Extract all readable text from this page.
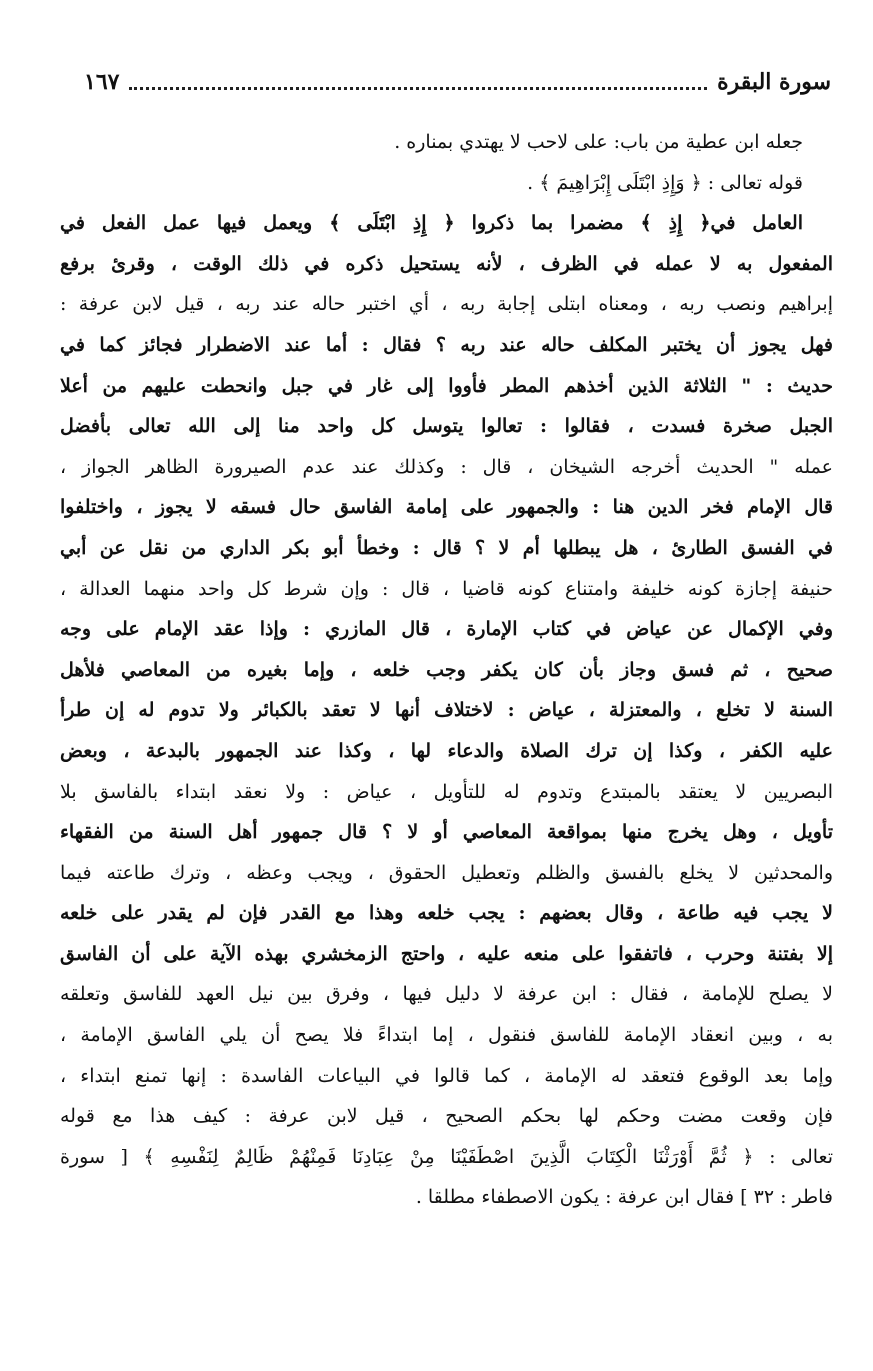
سورة البقرة
١٦٧
جعله ابن عطية من باب: على لاحب لا يهتدي بمناره .
قوله تعالى : ﴿ وَإِذِ ابْتَلَى إِبْرَاهِيمَ ﴾ .
العامل في﴿ إِذِ ﴾ مضمرا بما ذكروا ﴿ إِذِ ابْتَلَى ﴾ ويعمل فيها عمل الفعل في
المفعول به لا عمله في الظرف ، لأنه يستحيل ذكره في ذلك الوقت ، وقرئ برفع
إبراهيم ونصب ربه ، ومعناه ابتلى إجابة ربه ، أي اختبر حاله عند ربه ، قيل لابن عرفة :
فهل يجوز أن يختبر المكلف حاله عند ربه ؟ فقال : أما عند الاضطرار فجائز كما في
حديث : " الثلاثة الذين أخذهم المطر فأووا إلى غار في جبل وانحطت عليهم من أعلا
الجبل صخرة فسدت ، فقالوا : تعالوا يتوسل كل واحد منا إلى الله تعالى بأفضل
عمله " الحديث أخرجه الشيخان ، قال : وكذلك عند عدم الصيرورة الظاهر الجواز ،
قال الإمام فخر الدين هنا : والجمهور على إمامة الفاسق حال فسقه لا يجوز ، واختلفوا
في الفسق الطارئ ، هل يبطلها أم لا ؟ قال : وخطأ أبو بكر الداري من نقل عن أبي
حنيفة إجازة كونه خليفة وامتناع كونه قاضيا ، قال : وإن شرط كل واحد منهما العدالة ،
وفي الإكمال عن عياض في كتاب الإمارة ، قال المازري : وإذا عقد الإمام على وجه
صحيح ، ثم فسق وجاز بأن كان يكفر وجب خلعه ، وإما بغيره من المعاصي فلأهل
السنة لا تخلع ، والمعتزلة ، عياض : لاختلاف أنها لا تعقد بالكبائر ولا تدوم له إن طرأ
عليه الكفر ، وكذا إن ترك الصلاة والدعاء لها ، وكذا عند الجمهور بالبدعة ، وبعض
البصريين لا يعتقد بالمبتدع وتدوم له للتأويل ، عياض : ولا نعقد ابتداء بالفاسق بلا
تأويل ، وهل يخرج منها بمواقعة المعاصي أو لا ؟ قال جمهور أهل السنة من الفقهاء
والمحدثين لا يخلع بالفسق والظلم وتعطيل الحقوق ، ويجب وعظه ، وترك طاعته فيما
لا يجب فيه طاعة ، وقال بعضهم : يجب خلعه وهذا مع القدر فإن لم يقدر على خلعه
إلا بفتنة وحرب ، فاتفقوا على منعه عليه ، واحتج الزمخشري بهذه الآية على أن الفاسق
لا يصلح للإمامة ، فقال : ابن عرفة لا دليل فيها ، وفرق بين نيل العهد للفاسق وتعلقه
به ، وبين انعقاد الإمامة للفاسق فنقول ، إما ابتداءً فلا يصح أن يلي الفاسق الإمامة ،
وإما بعد الوقوع فتعقد له الإمامة ، كما قالوا في البياعات الفاسدة : إنها تمنع ابتداء ،
فإن وقعت مضت وحكم لها بحكم الصحيح ، قيل لابن عرفة : كيف هذا مع قوله
تعالى : ﴿ ثُمَّ أَوْرَثْنَا الْكِتَابَ الَّذِينَ اصْطَفَيْنَا مِنْ عِبَادِنَا فَمِنْهُمْ ظَالِمٌ لِنَفْسِهِ ﴾ [ سورة
فاطر : ٣٢ ] فقال ابن عرفة : يكون الاصطفاء مطلقا .
